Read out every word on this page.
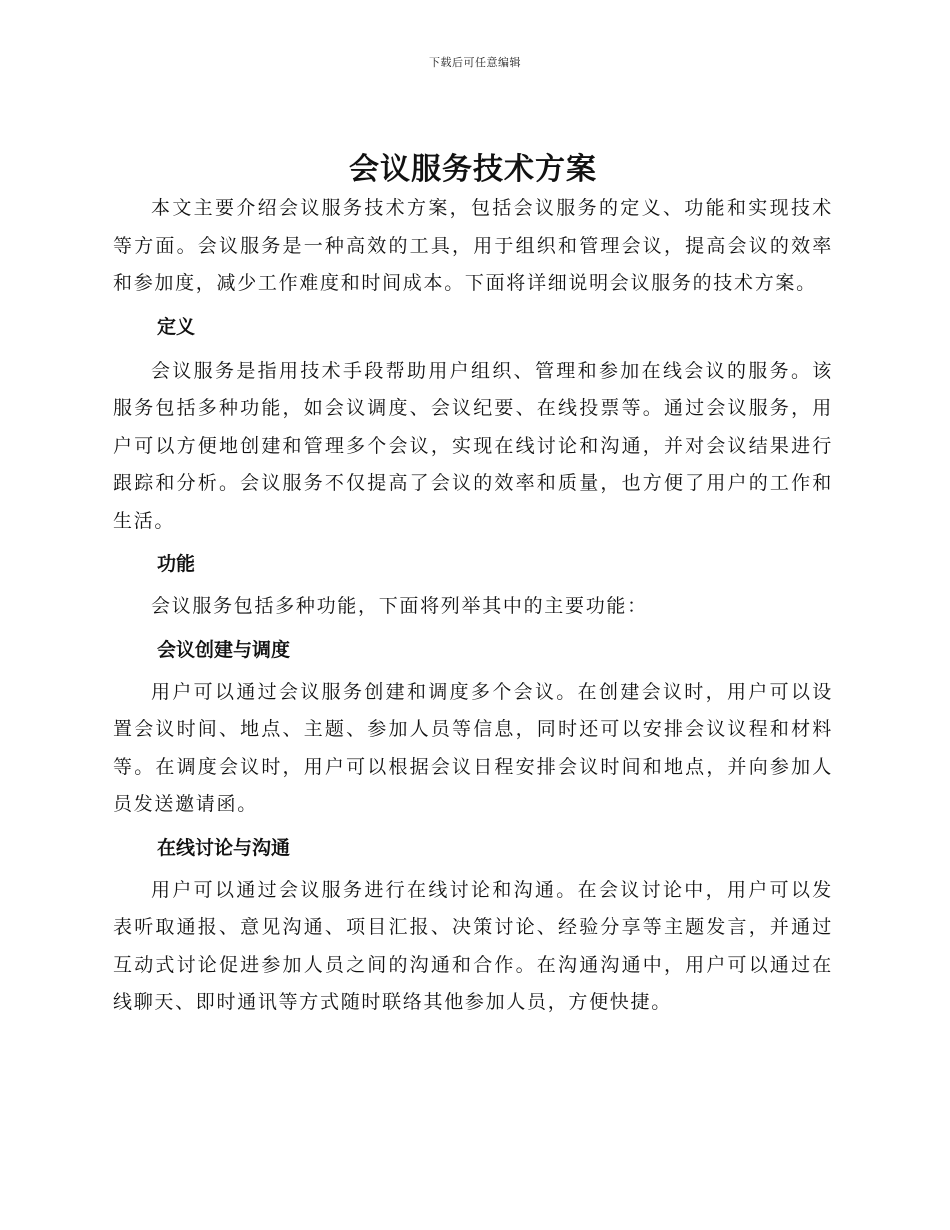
下载后可任意编辑
会议服务技术方案

本文主要介绍会议服务技术方案，包括会议服务的定义、功能和实现技术等方面。会议服务是一种高效的工具，用于组织和管理会议，提高会议的效率和参加度，减少工作难度和时间成本。下面将详细说明会议服务的技术方案。

定义

会议服务是指用技术手段帮助用户组织、管理和参加在线会议的服务。该服务包括多种功能，如会议调度、会议纪要、在线投票等。通过会议服务，用户可以方便地创建和管理多个会议，实现在线讨论和沟通，并对会议结果进行跟踪和分析。会议服务不仅提高了会议的效率和质量，也方便了用户的工作和生活。

功能

会议服务包括多种功能，下面将列举其中的主要功能：

会议创建与调度

用户可以通过会议服务创建和调度多个会议。在创建会议时，用户可以设置会议时间、地点、主题、参加人员等信息，同时还可以安排会议议程和材料等。在调度会议时，用户可以根据会议日程安排会议时间和地点，并向参加人员发送邀请函。

在线讨论与沟通

用户可以通过会议服务进行在线讨论和沟通。在会议讨论中，用户可以发表听取通报、意见沟通、项目汇报、决策讨论、经验分享等主题发言，并通过互动式讨论促进参加人员之间的沟通和合作。在沟通沟通中，用户可以通过在线聊天、即时通讯等方式随时联络其他参加人员，方便快捷。
